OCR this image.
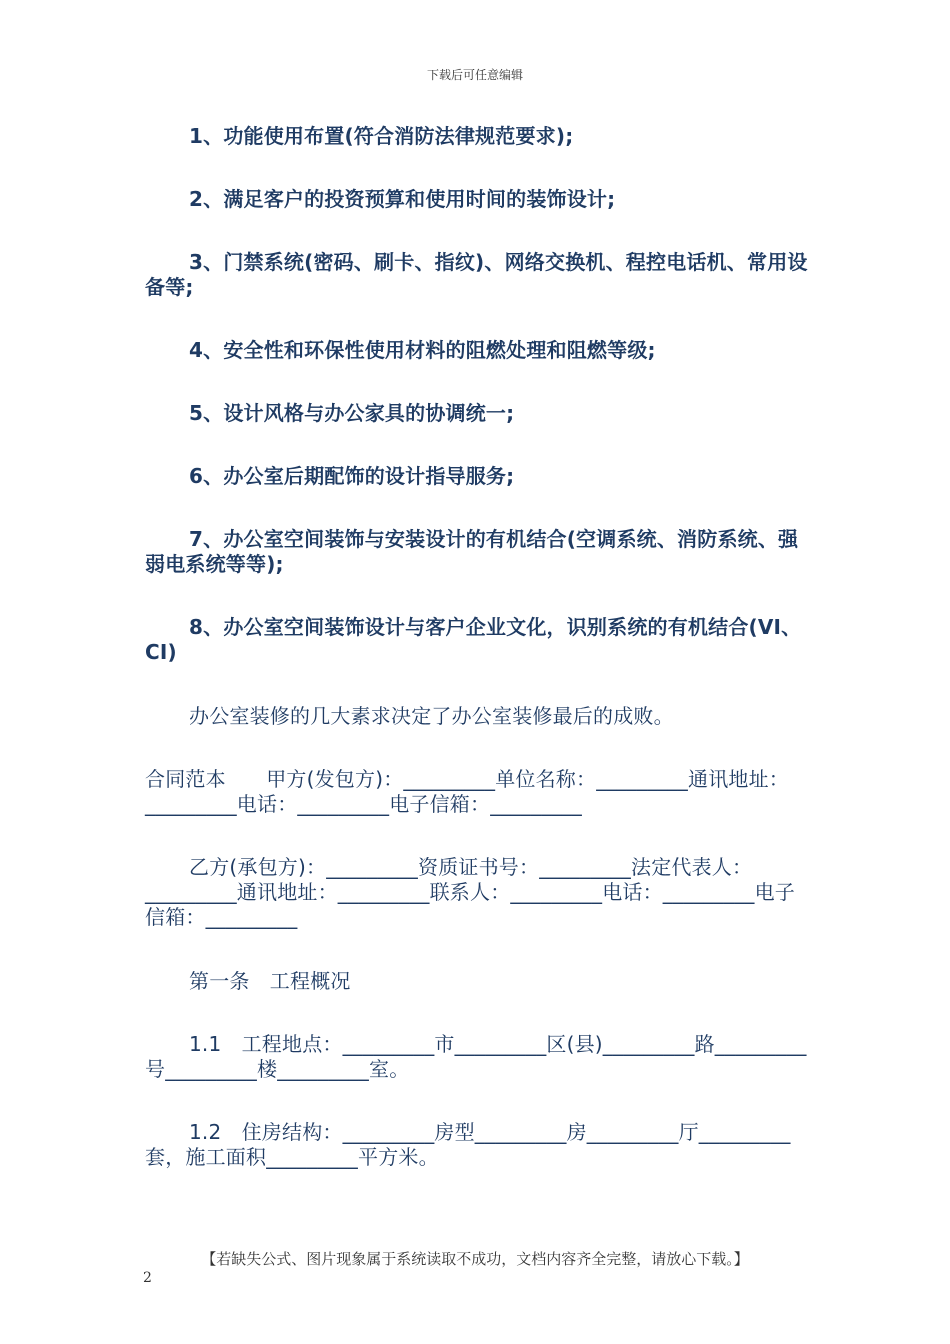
下载后可任意编辑
1、功能使用布置(符合消防法律规范要求);
2、满足客户的投资预算和使用时间的装饰设计;
3、门禁系统(密码、刷卡、指纹)、网络交换机、程控电话机、常用设备等;
4、安全性和环保性使用材料的阻燃处理和阻燃等级;
5、设计风格与办公家具的协调统一;
6、办公室后期配饰的设计指导服务;
7、办公室空间装饰与安装设计的有机结合(空调系统、消防系统、强弱电系统等等);
8、办公室空间装饰设计与客户企业文化，识别系统的有机结合(VI、CI)
办公室装修的几大素求决定了办公室装修最后的成败。
合同范本　　甲方(发包方)：_________单位名称：_________通讯地址：_________电话：_________电子信箱：_________
乙方(承包方)：_________资质证书号：_________法定代表人：_________通讯地址：_________联系人：_________电话：_________电子信箱：_________
第一条　工程概况
1.1　工程地点：_________市_________区(县)_________路_________号_________楼_________室。
1.2　住房结构：_________房型_________房_________厅_________套，施工面积_________平方米。
【若缺失公式、图片现象属于系统读取不成功，文档内容齐全完整，请放心下载。】
2
